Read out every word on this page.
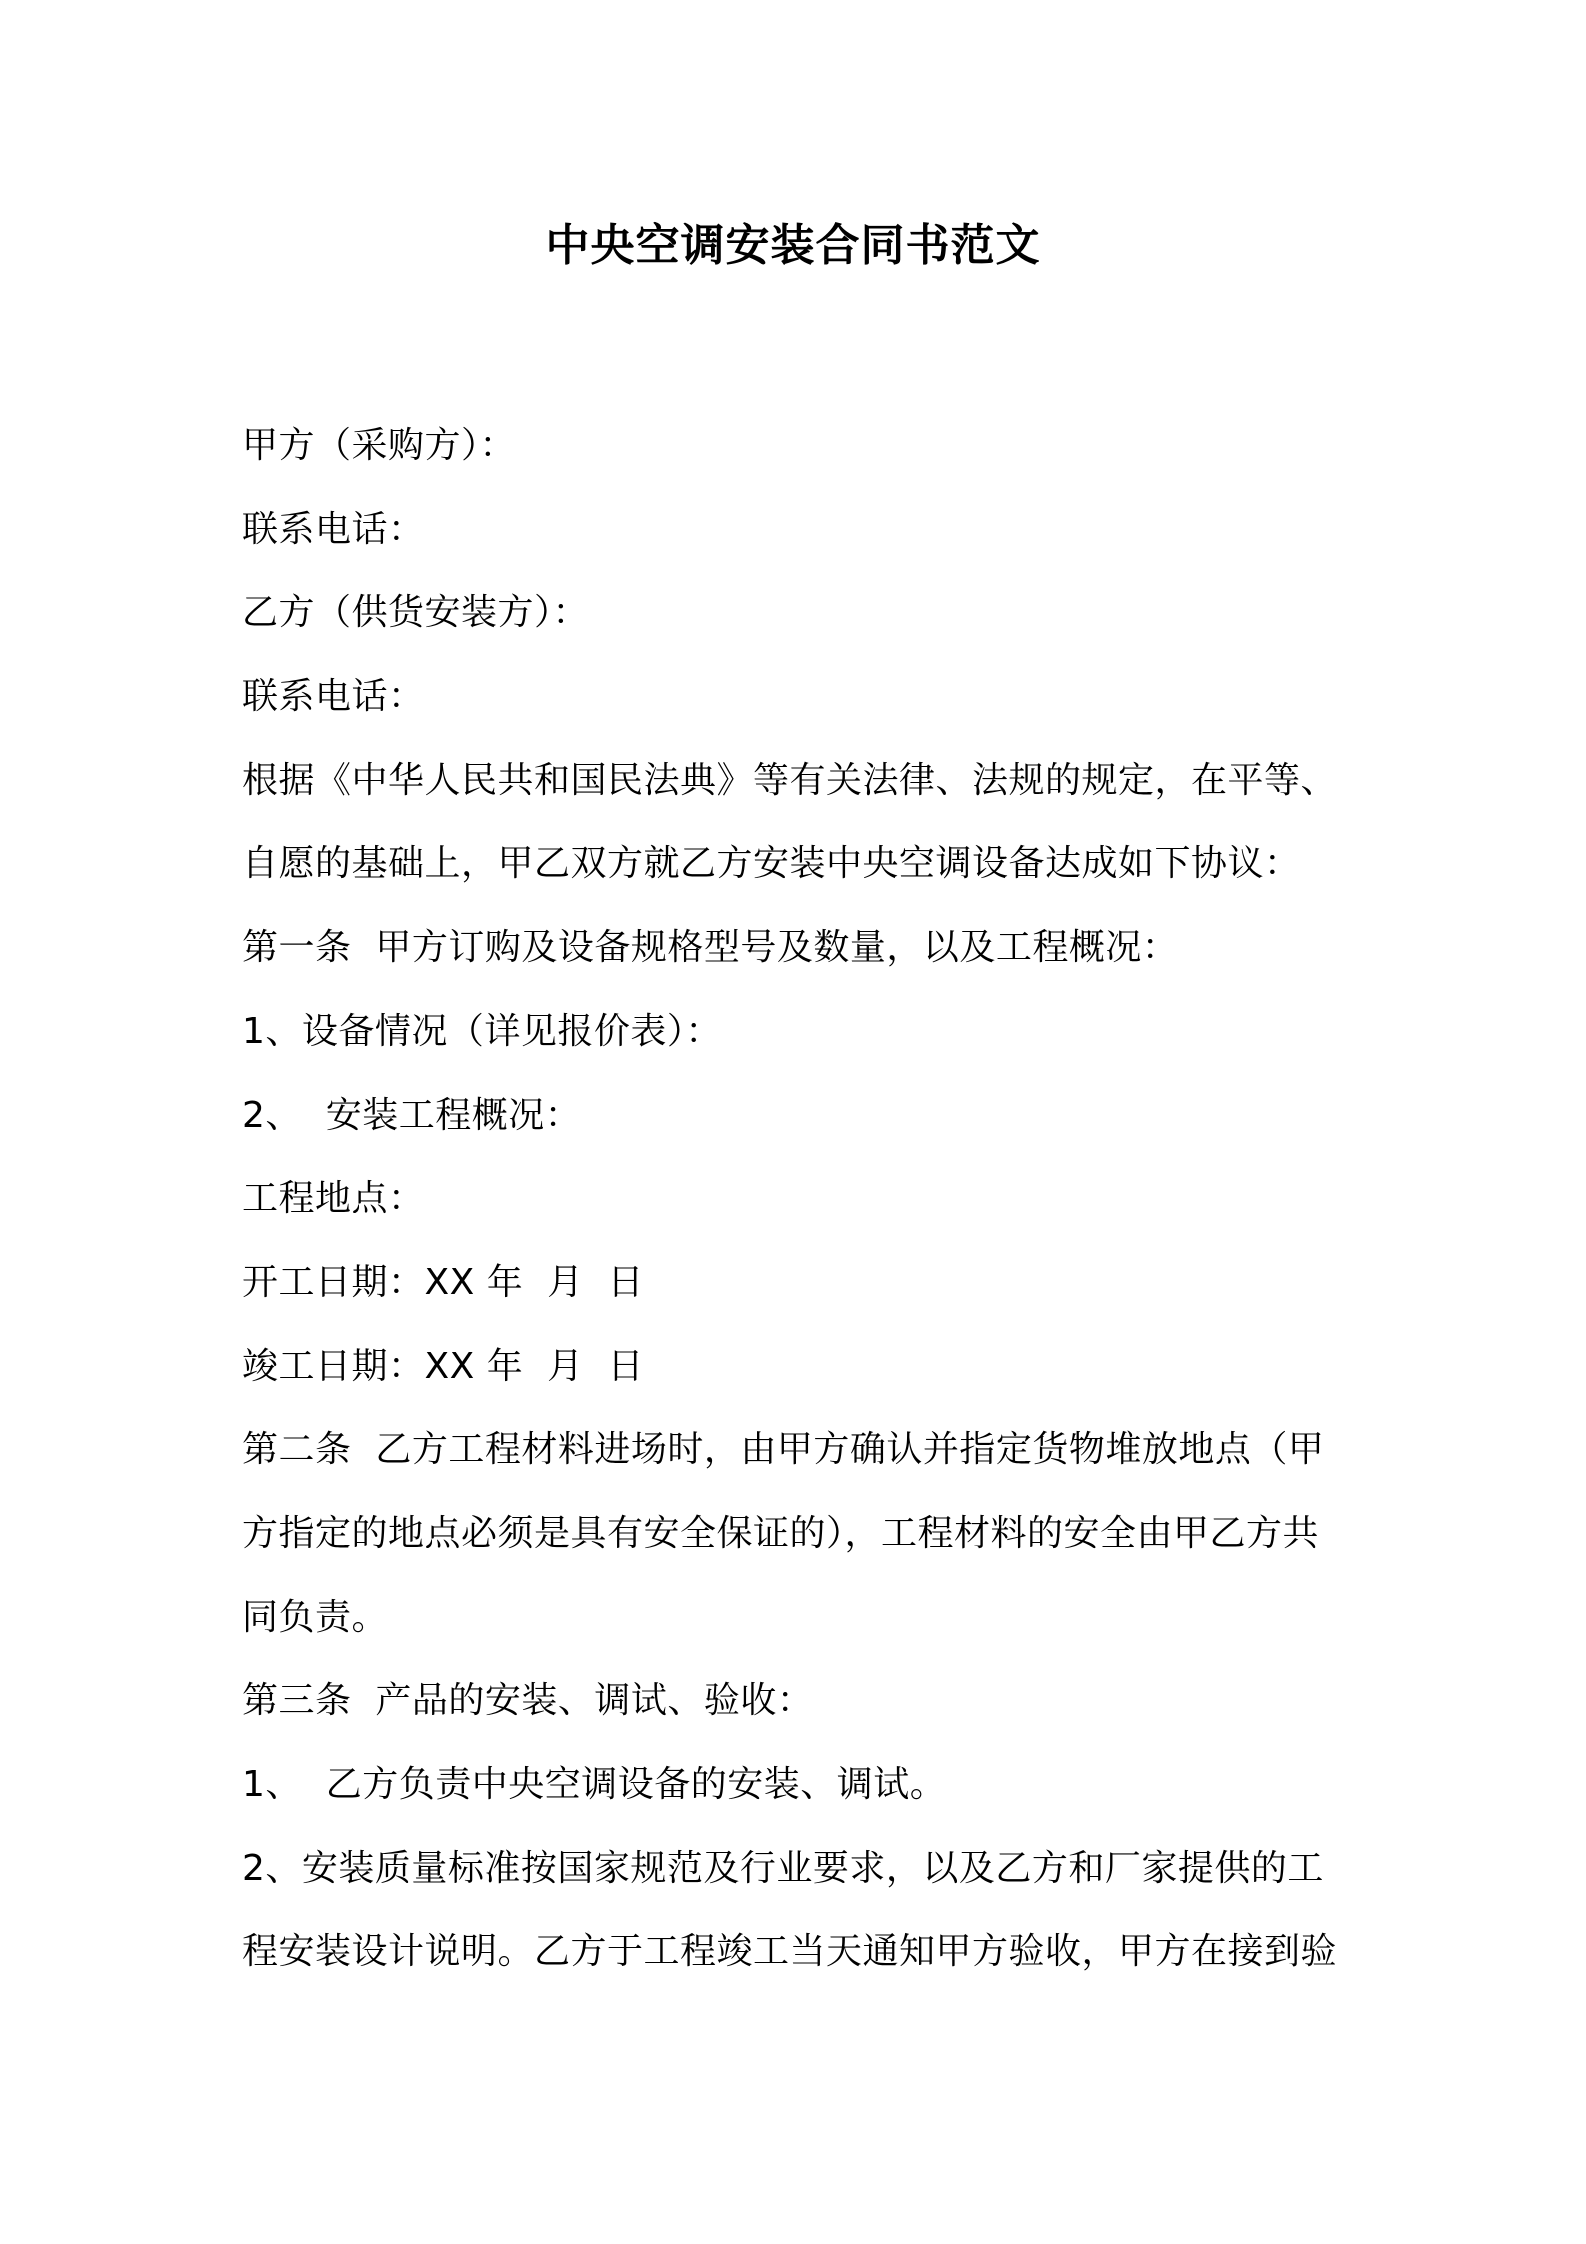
中央空调安装合同书范文
甲方（采购方）：
联系电话：
乙方（供货安装方）：
联系电话：
根据《中华人民共和国民法典》等有关法律、法规的规定，在平等、
自愿的基础上，甲乙双方就乙方安装中央空调设备达成如下协议：
第一条  甲方订购及设备规格型号及数量，以及工程概况：
1、设备情况（详见报价表）：
2、  安装工程概况：
工程地点：
开工日期：XX 年  月  日
竣工日期：XX 年  月  日
第二条  乙方工程材料进场时，由甲方确认并指定货物堆放地点（甲
方指定的地点必须是具有安全保证的），工程材料的安全由甲乙方共
同负责。
第三条  产品的安装、调试、验收：
1、  乙方负责中央空调设备的安装、调试。
2、安装质量标准按国家规范及行业要求，以及乙方和厂家提供的工
程安装设计说明。乙方于工程竣工当天通知甲方验收，甲方在接到验
